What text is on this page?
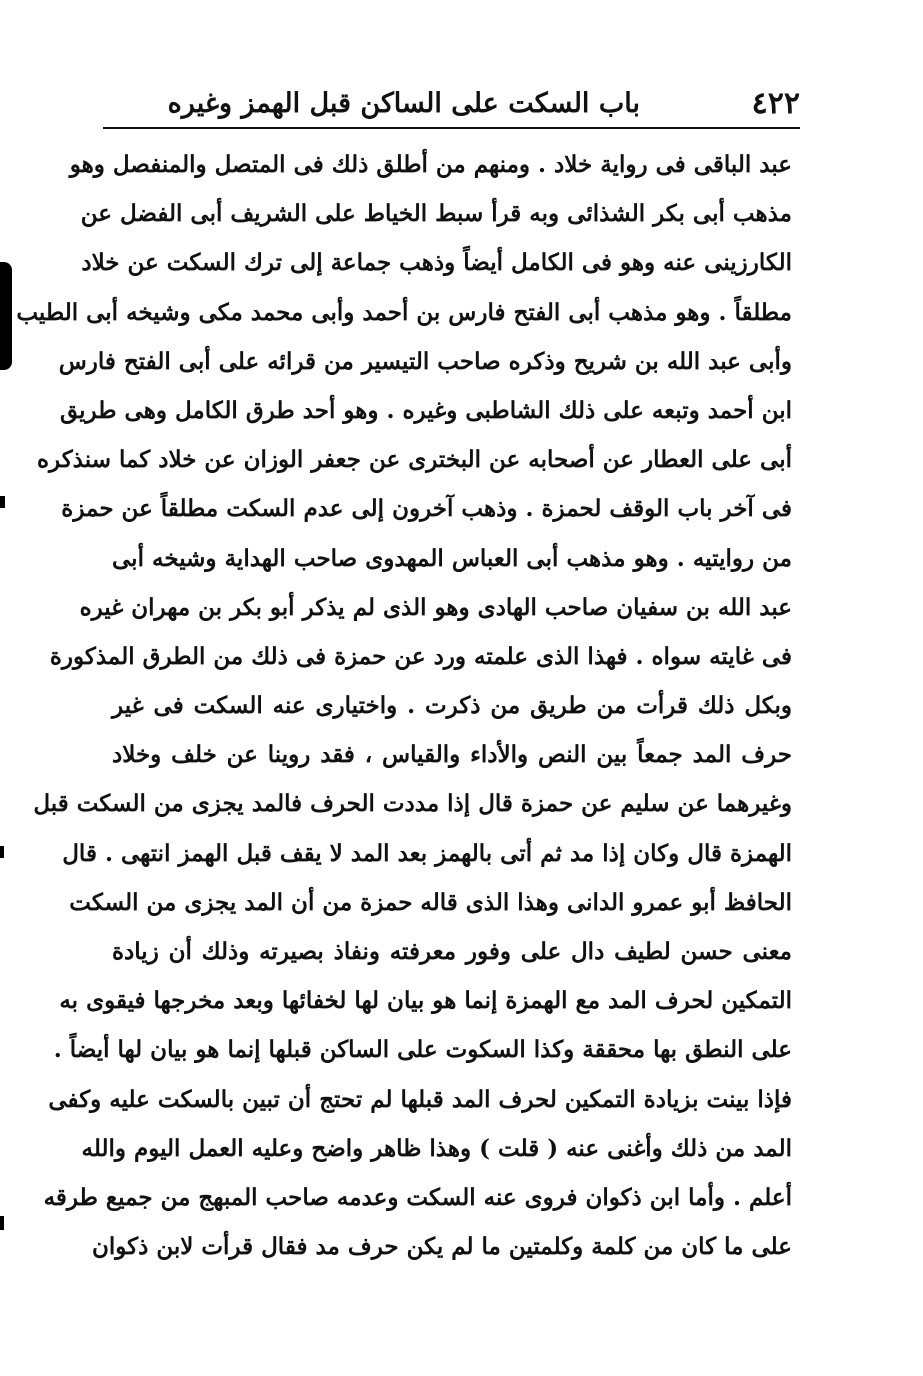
٤٢٢
باب السكت على الساكن قبل الهمز وغيره
عبد الباقى فى رواية خلاد . ومنهم من أطلق ذلك فى المتصل والمنفصل وهو
مذهب أبى بكر الشذائى وبه قرأ سبط الخياط على الشريف أبى الفضل عن
الكارزينى عنه وهو فى الكامل أيضاً وذهب جماعة إلى ترك السكت عن خلاد
مطلقاً . وهو مذهب أبى الفتح فارس بن أحمد وأبى محمد مكى وشيخه أبى الطيب
وأبى عبد الله بن شريح وذكره صاحب التيسير من قرائه على أبى الفتح فارس
ابن أحمد وتبعه على ذلك الشاطبى وغيره . وهو أحد طرق الكامل وهى طريق
أبى على العطار عن أصحابه عن البخترى عن جعفر الوزان عن خلاد كما سنذكره
فى آخر باب الوقف لحمزة . وذهب آخرون إلى عدم السكت مطلقاً عن حمزة
من روايتيه . وهو مذهب أبى العباس المهدوى صاحب الهداية وشيخه أبى
عبد الله بن سفيان صاحب الهادى وهو الذى لم يذكر أبو بكر بن مهران غيره
فى غايته سواه . فهذا الذى علمته ورد عن حمزة فى ذلك من الطرق المذكورة
وبكل ذلك قرأت من طريق من ذكرت . واختيارى عنه السكت فى غير
حرف المد جمعاً بين النص والأداء والقياس ، فقد روينا عن خلف وخلاد
وغيرهما عن سليم عن حمزة قال إذا مددت الحرف فالمد يجزى من السكت قبل
الهمزة قال وكان إذا مد ثم أتى بالهمز بعد المد لا يقف قبل الهمز انتهى . قال
الحافظ أبو عمرو الدانى وهذا الذى قاله حمزة من أن المد يجزى من السكت
معنى حسن لطيف دال على وفور معرفته ونفاذ بصيرته وذلك أن زيادة
التمكين لحرف المد مع الهمزة إنما هو بيان لها لخفائها وبعد مخرجها فيقوى به
على النطق بها محققة وكذا السكوت على الساكن قبلها إنما هو بيان لها أيضاً .
فإذا بينت بزيادة التمكين لحرف المد قبلها لم تحتج أن تبين بالسكت عليه وكفى
المد من ذلك وأغنى عنه ( قلت ) وهذا ظاهر واضح وعليه العمل اليوم والله
أعلم . وأما ابن ذكوان فروى عنه السكت وعدمه صاحب المبهج من جميع طرقه
على ما كان من كلمة وكلمتين ما لم يكن حرف مد فقال قرأت لابن ذكوان
